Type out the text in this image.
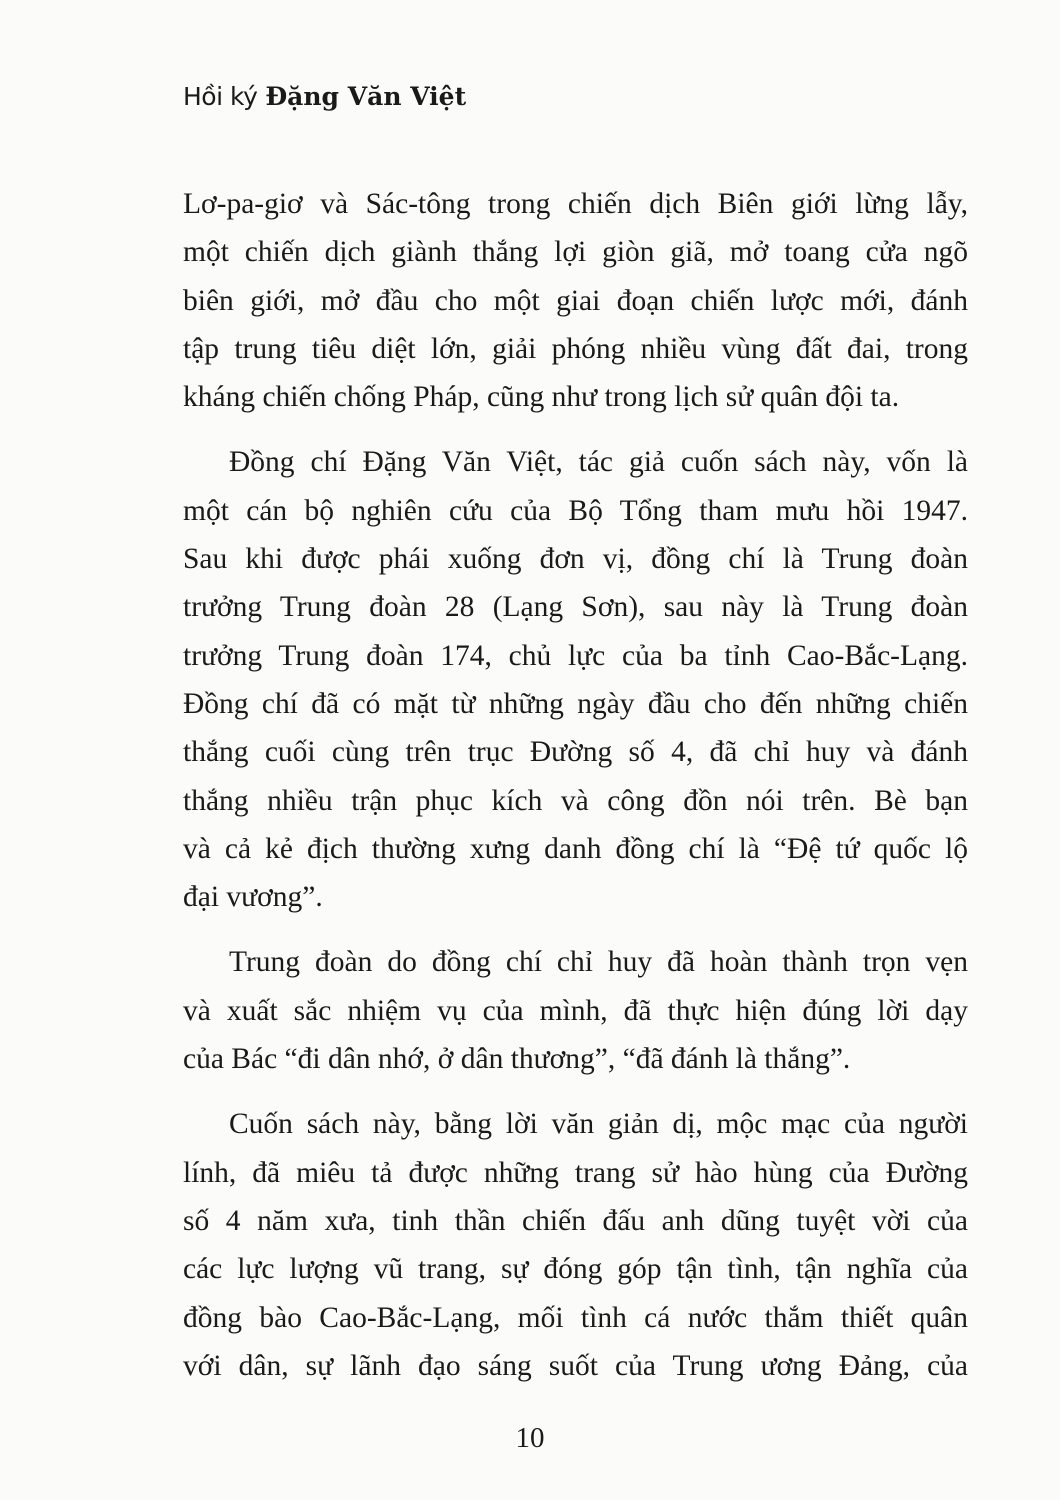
Hồi ký Đặng Văn Việt
Lơ-pa-giơ và Sác-tông trong chiến dịch Biên giới lừng lẫy,
một chiến dịch giành thắng lợi giòn giã, mở toang cửa ngõ
biên giới, mở đầu cho một giai đoạn chiến lược mới, đánh
tập trung tiêu diệt lớn, giải phóng nhiều vùng đất đai, trong
kháng chiến chống Pháp, cũng như trong lịch sử quân đội ta.
Đồng chí Đặng Văn Việt, tác giả cuốn sách này, vốn là
một cán bộ nghiên cứu của Bộ Tổng tham mưu hồi 1947.
Sau khi được phái xuống đơn vị, đồng chí là Trung đoàn
trưởng Trung đoàn 28 (Lạng Sơn), sau này là Trung đoàn
trưởng Trung đoàn 174, chủ lực của ba tỉnh Cao-Bắc-Lạng.
Đồng chí đã có mặt từ những ngày đầu cho đến những chiến
thắng cuối cùng trên trục Đường số 4, đã chỉ huy và đánh
thắng nhiều trận phục kích và công đồn nói trên. Bè bạn
và cả kẻ địch thường xưng danh đồng chí là “Đệ tứ quốc lộ
đại vương”.
Trung đoàn do đồng chí chỉ huy đã hoàn thành trọn vẹn
và xuất sắc nhiệm vụ của mình, đã thực hiện đúng lời dạy
của Bác “đi dân nhớ, ở dân thương”, “đã đánh là thắng”.
Cuốn sách này, bằng lời văn giản dị, mộc mạc của người
lính, đã miêu tả được những trang sử hào hùng của Đường
số 4 năm xưa, tinh thần chiến đấu anh dũng tuyệt vời của
các lực lượng vũ trang, sự đóng góp tận tình, tận nghĩa của
đồng bào Cao-Bắc-Lạng, mối tình cá nước thắm thiết quân
với dân, sự lãnh đạo sáng suốt của Trung ương Đảng, của
10
